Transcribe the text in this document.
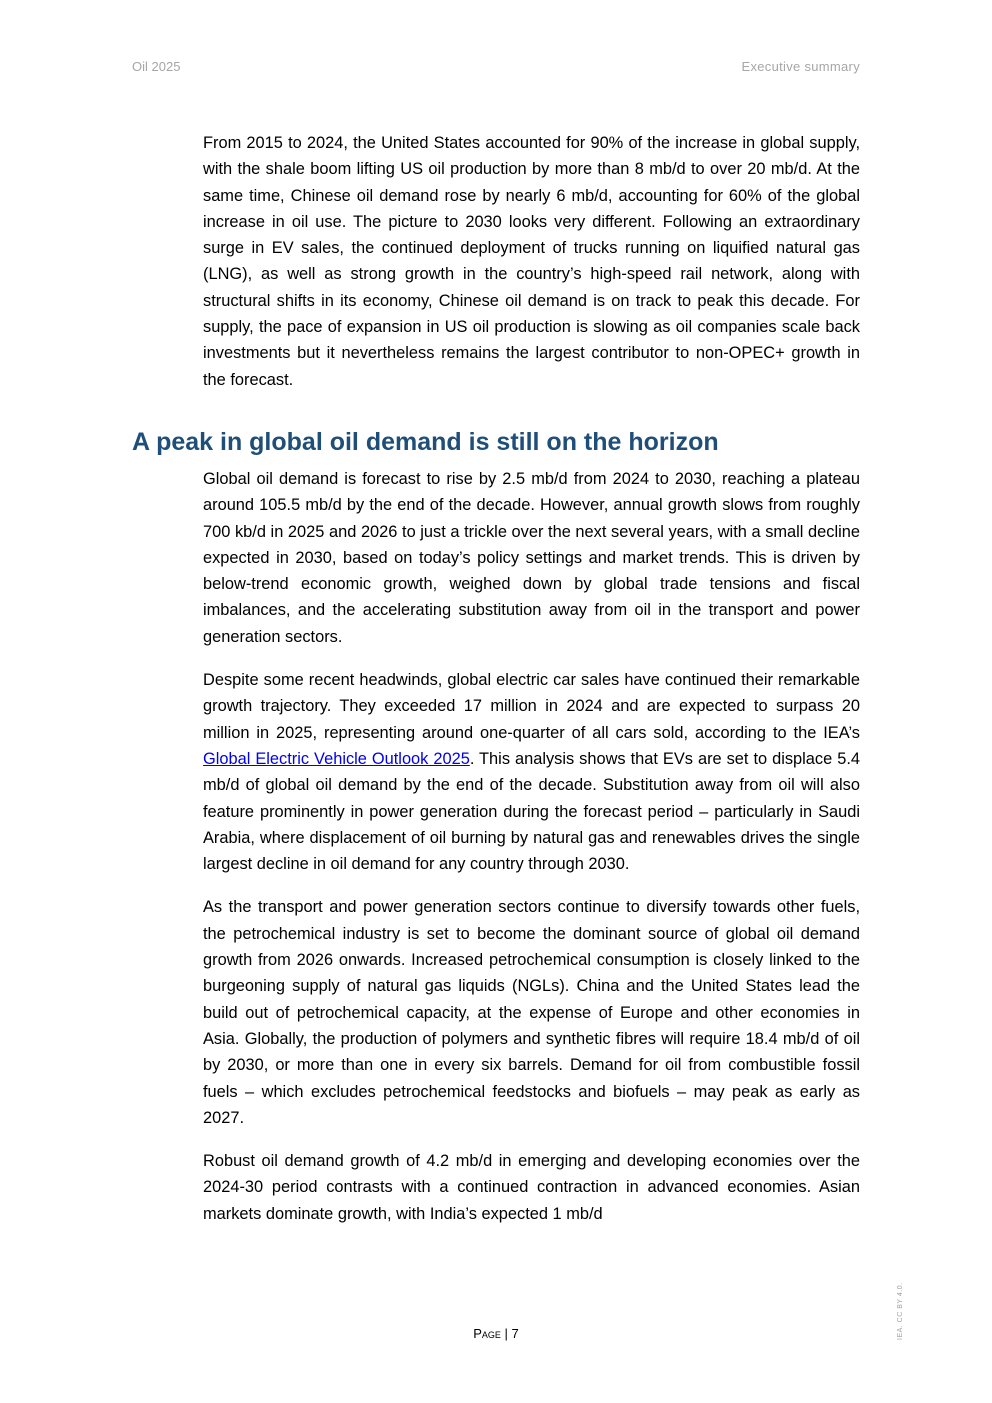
Oil 2025	Executive summary

From 2015 to 2024, the United States accounted for 90% of the increase in global supply, with the shale boom lifting US oil production by more than 8 mb/d to over 20 mb/d. At the same time, Chinese oil demand rose by nearly 6 mb/d, accounting for 60% of the global increase in oil use. The picture to 2030 looks very different. Following an extraordinary surge in EV sales, the continued deployment of trucks running on liquified natural gas (LNG), as well as strong growth in the country’s high-speed rail network, along with structural shifts in its economy, Chinese oil demand is on track to peak this decade. For supply, the pace of expansion in US oil production is slowing as oil companies scale back investments but it nevertheless remains the largest contributor to non-OPEC+ growth in the forecast.

A peak in global oil demand is still on the horizon

Global oil demand is forecast to rise by 2.5 mb/d from 2024 to 2030, reaching a plateau around 105.5 mb/d by the end of the decade. However, annual growth slows from roughly 700 kb/d in 2025 and 2026 to just a trickle over the next several years, with a small decline expected in 2030, based on today’s policy settings and market trends. This is driven by below-trend economic growth, weighed down by global trade tensions and fiscal imbalances, and the accelerating substitution away from oil in the transport and power generation sectors.

Despite some recent headwinds, global electric car sales have continued their remarkable growth trajectory. They exceeded 17 million in 2024 and are expected to surpass 20 million in 2025, representing around one-quarter of all cars sold, according to the IEA’s Global Electric Vehicle Outlook 2025. This analysis shows that EVs are set to displace 5.4 mb/d of global oil demand by the end of the decade. Substitution away from oil will also feature prominently in power generation during the forecast period – particularly in Saudi Arabia, where displacement of oil burning by natural gas and renewables drives the single largest decline in oil demand for any country through 2030.

As the transport and power generation sectors continue to diversify towards other fuels, the petrochemical industry is set to become the dominant source of global oil demand growth from 2026 onwards. Increased petrochemical consumption is closely linked to the burgeoning supply of natural gas liquids (NGLs). China and the United States lead the build out of petrochemical capacity, at the expense of Europe and other economies in Asia. Globally, the production of polymers and synthetic fibres will require 18.4 mb/d of oil by 2030, or more than one in every six barrels. Demand for oil from combustible fossil fuels – which excludes petrochemical feedstocks and biofuels – may peak as early as 2027.

Robust oil demand growth of 4.2 mb/d in emerging and developing economies over the 2024-30 period contrasts with a continued contraction in advanced economies. Asian markets dominate growth, with India’s expected 1 mb/d

Page | 7	IEA. CC BY 4.0.
